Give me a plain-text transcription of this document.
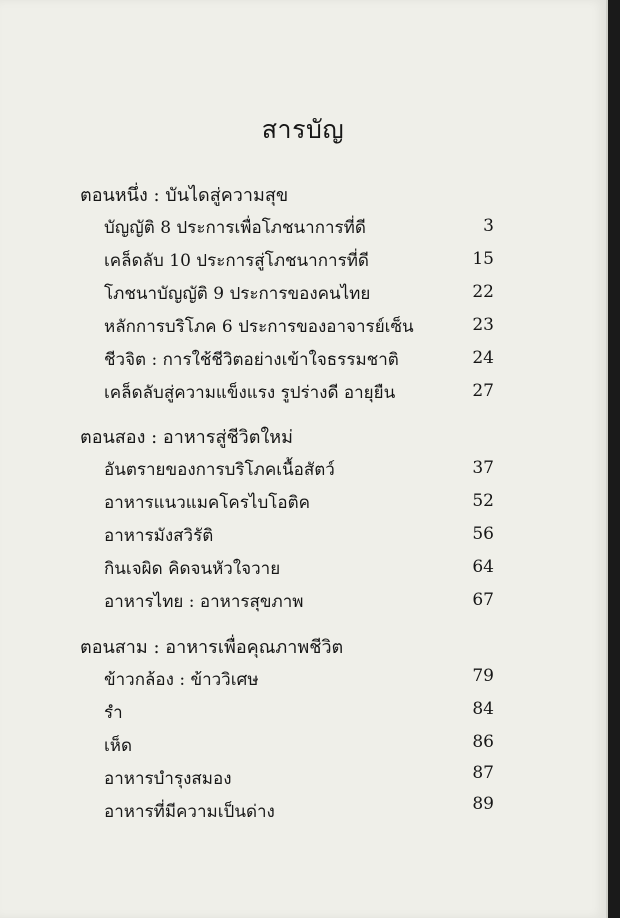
สารบัญ
ตอนหนึ่ง : บันไดสู่ความสุข
บัญญัติ 8 ประการเพื่อโภชนาการที่ดี	3
เคล็ดลับ 10 ประการสู่โภชนาการที่ดี	15
โภชนาบัญญัติ 9 ประการของคนไทย	22
หลักการบริโภค 6 ประการของอาจารย์เซ็น	23
ชีวจิต : การใช้ชีวิตอย่างเข้าใจธรรมชาติ	24
เคล็ดลับสู่ความแข็งแรง รูปร่างดี อายุยืน	27
ตอนสอง : อาหารสู่ชีวิตใหม่
อันตรายของการบริโภคเนื้อสัตว์	37
อาหารแนวแมคโครไบโอติค	52
อาหารมังสวิรัติ	56
กินเจผิด คิดจนหัวใจวาย	64
อาหารไทย : อาหารสุขภาพ	67
ตอนสาม : อาหารเพื่อคุณภาพชีวิต
ข้าวกล้อง : ข้าววิเศษ	79
รำ	84
เห็ด	86
อาหารบำรุงสมอง	87
อาหารที่มีความเป็นด่าง	89
